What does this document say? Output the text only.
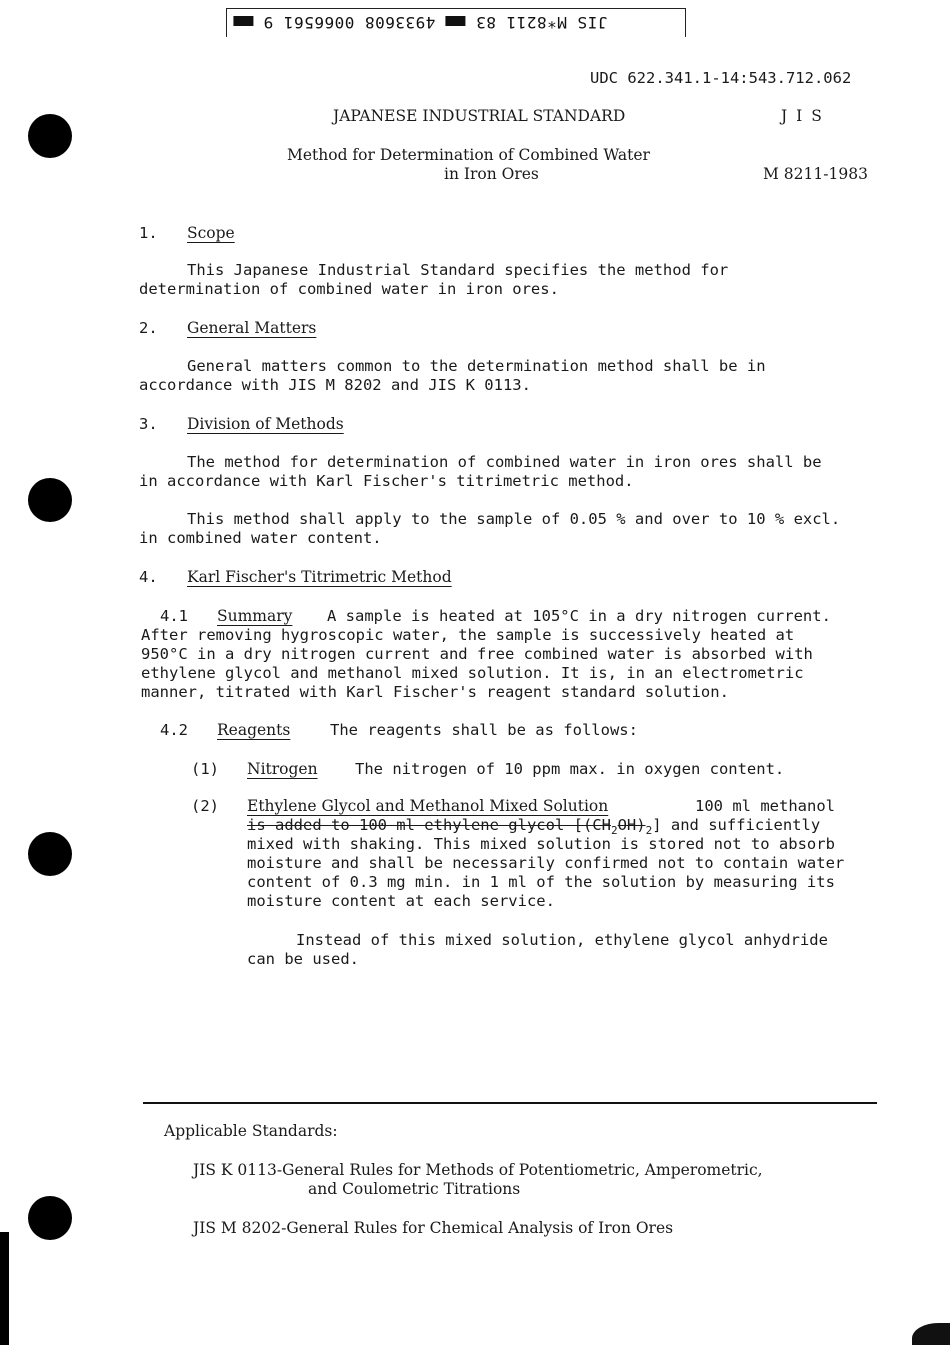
JIS M*8211 83  4933608 0066561 9
UDC 622.341.1-14:543.712.062
JAPANESE INDUSTRIAL STANDARD	J I S
Method for Determination of Combined Water
in Iron Ores	M 8211-1983
1. Scope
This Japanese Industrial Standard specifies the method for
determination of combined water in iron ores.
2. General Matters
General matters common to the determination method shall be in
accordance with JIS M 8202 and JIS K 0113.
3. Division of Methods
The method for determination of combined water in iron ores shall be
in accordance with Karl Fischer's titrimetric method.
This method shall apply to the sample of 0.05 % and over to 10 % excl.
in combined water content.
4. Karl Fischer's Titrimetric Method
4.1 Summary A sample is heated at 105°C in a dry nitrogen current.
After removing hygroscopic water, the sample is successively heated at
950°C in a dry nitrogen current and free combined water is absorbed with
ethylene glycol and methanol mixed solution. It is, in an electrometric
manner, titrated with Karl Fischer's reagent standard solution.
4.2 Reagents	The reagents shall be as follows:
(1) Nitrogen The nitrogen of 10 ppm max. in oxygen content.
(2) Ethylene Glycol and Methanol Mixed Solution	100 ml methanol
is added to 100 ml ethylene glycol $[(CH_2OH)_2]$ and sufficiently
mixed with shaking. This mixed solution is stored not to absorb
moisture and shall be necessarily confirmed not to contain water
content of 0.3 mg min. in 1 ml of the solution by measuring its
moisture content at each service.
Instead of this mixed solution, ethylene glycol anhydride
can be used.
Applicable Standards:
JIS K 0113-General Rules for Methods of Potentiometric, Amperometric,
and Coulometric Titrations
JIS M 8202-General Rules for Chemical Analysis of Iron Ores
